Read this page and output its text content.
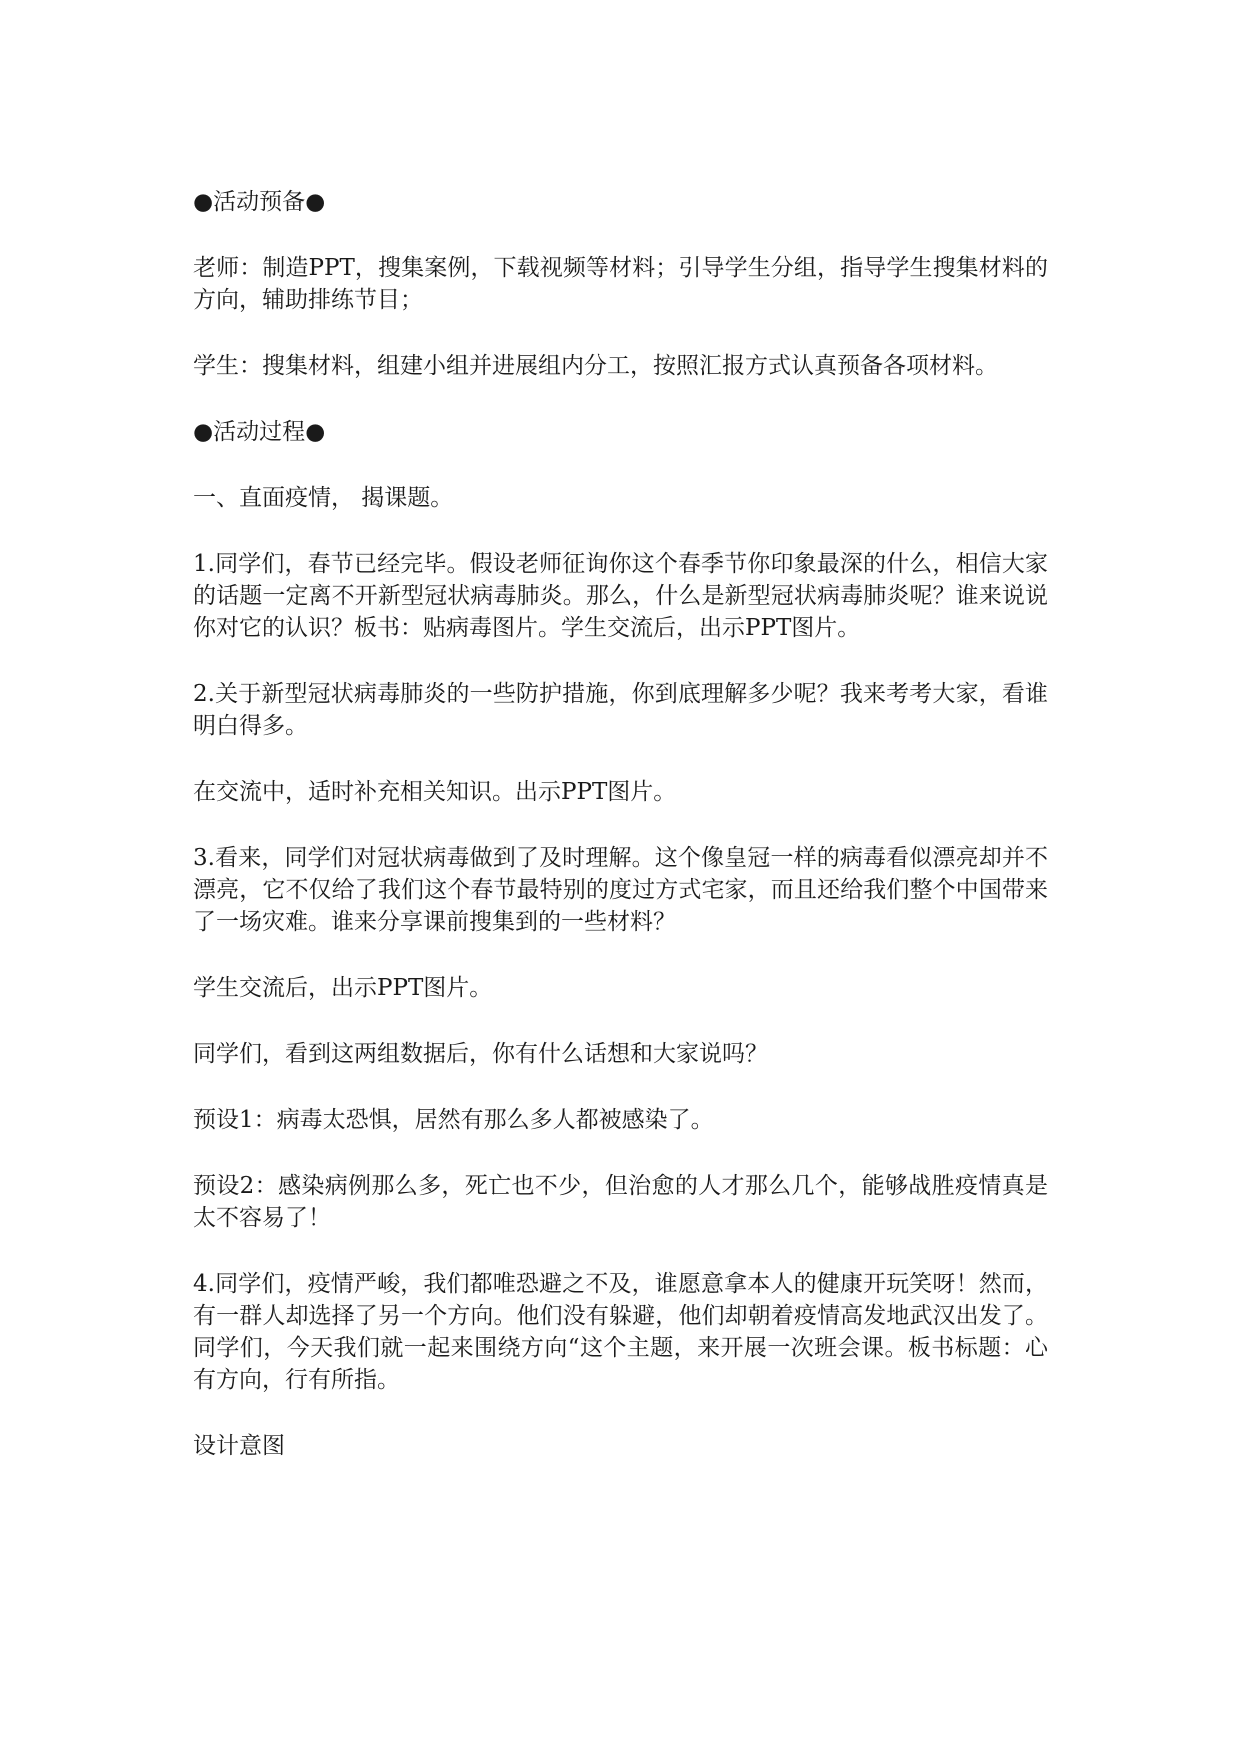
●活动预备●

老师：制造PPT，搜集案例，下载视频等材料；引导学生分组，指导学生搜集材料的方向，辅助排练节目；

学生：搜集材料，组建小组并进展组内分工，按照汇报方式认真预备各项材料。

●活动过程●

一、直面疫情， 揭课题。

1.同学们，春节已经完毕。假设老师征询你这个春季节你印象最深的什么，相信大家的话题一定离不开新型冠状病毒肺炎。那么，什么是新型冠状病毒肺炎呢？谁来说说你对它的认识？板书：贴病毒图片。学生交流后，出示PPT图片。

2.关于新型冠状病毒肺炎的一些防护措施，你到底理解多少呢？我来考考大家，看谁明白得多。

在交流中，适时补充相关知识。出示PPT图片。

3.看来，同学们对冠状病毒做到了及时理解。这个像皇冠一样的病毒看似漂亮却并不漂亮，它不仅给了我们这个春节最特别的度过方式宅家，而且还给我们整个中国带来了一场灾难。谁来分享课前搜集到的一些材料？

学生交流后，出示PPT图片。

同学们，看到这两组数据后，你有什么话想和大家说吗？

预设1：病毒太恐惧，居然有那么多人都被感染了。

预设2：感染病例那么多，死亡也不少，但治愈的人才那么几个，能够战胜疫情真是太不容易了！

4.同学们，疫情严峻，我们都唯恐避之不及，谁愿意拿本人的健康开玩笑呀！然而，有一群人却选择了另一个方向。他们没有躲避，他们却朝着疫情高发地武汉出发了。同学们，今天我们就一起来围绕方向“这个主题，来开展一次班会课。板书标题：心有方向，行有所指。

设计意图
